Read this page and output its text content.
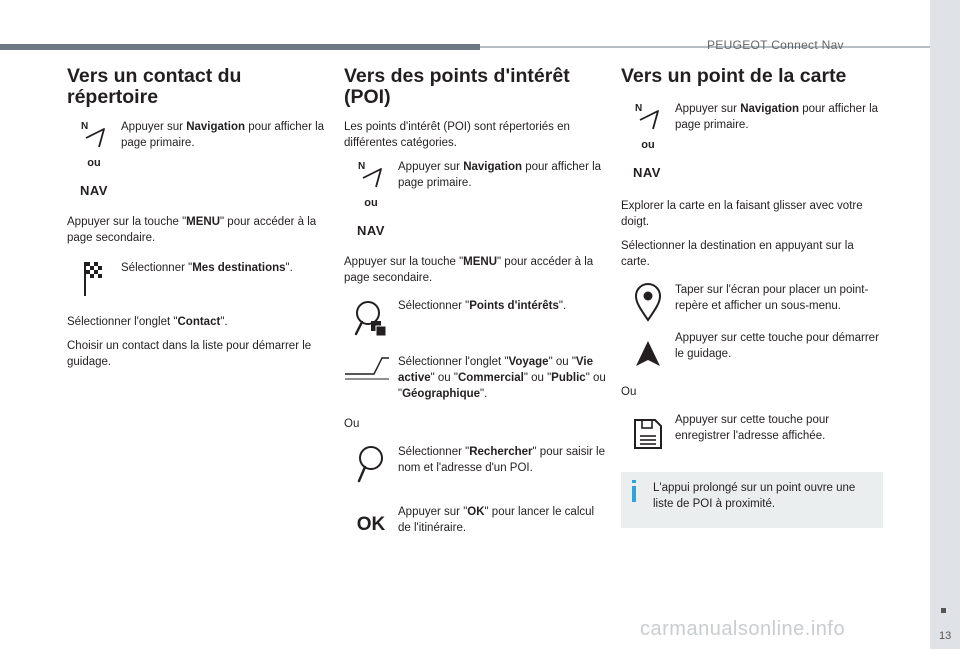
PEUGEOT Connect Nav
13
carmanualsonline.info
Vers un contact du
répertoire
N
ou
NAV
Appuyer sur Navigation pour afficher la page primaire.

Appuyer sur la touche "MENU" pour accéder à la page secondaire.

Sélectionner "Mes destinations".

Sélectionner l'onglet "Contact".

Choisir un contact dans la liste pour démarrer le guidage.

Vers des points d'intérêt
(POI)

Les points d'intérêt (POI) sont répertoriés en différentes catégories.

N
ou
NAV
Appuyer sur Navigation pour afficher la page primaire.

Appuyer sur la touche "MENU" pour accéder à la page secondaire.

Sélectionner "Points d'intérêts".
Sélectionner l'onglet "Voyage" ou "Vie active" ou "Commercial" ou "Public" ou "Géographique".

Ou

Sélectionner "Rechercher" pour saisir le nom et l'adresse d'un POI.
OK
Appuyer sur "OK" pour lancer le calcul de l'itinéraire.
Vers un point de la carte
N
ou
NAV
Appuyer sur Navigation pour afficher la page primaire.

Explorer la carte en la faisant glisser avec votre doigt.

Sélectionner la destination en appuyant sur la carte.

Taper sur l'écran pour placer un point-repère et afficher un sous-menu.
Appuyer sur cette touche pour démarrer le guidage.

Ou

Appuyer sur cette touche pour enregistrer l'adresse affichée.
L'appui prolongé sur un point ouvre une liste de POI à proximité.
